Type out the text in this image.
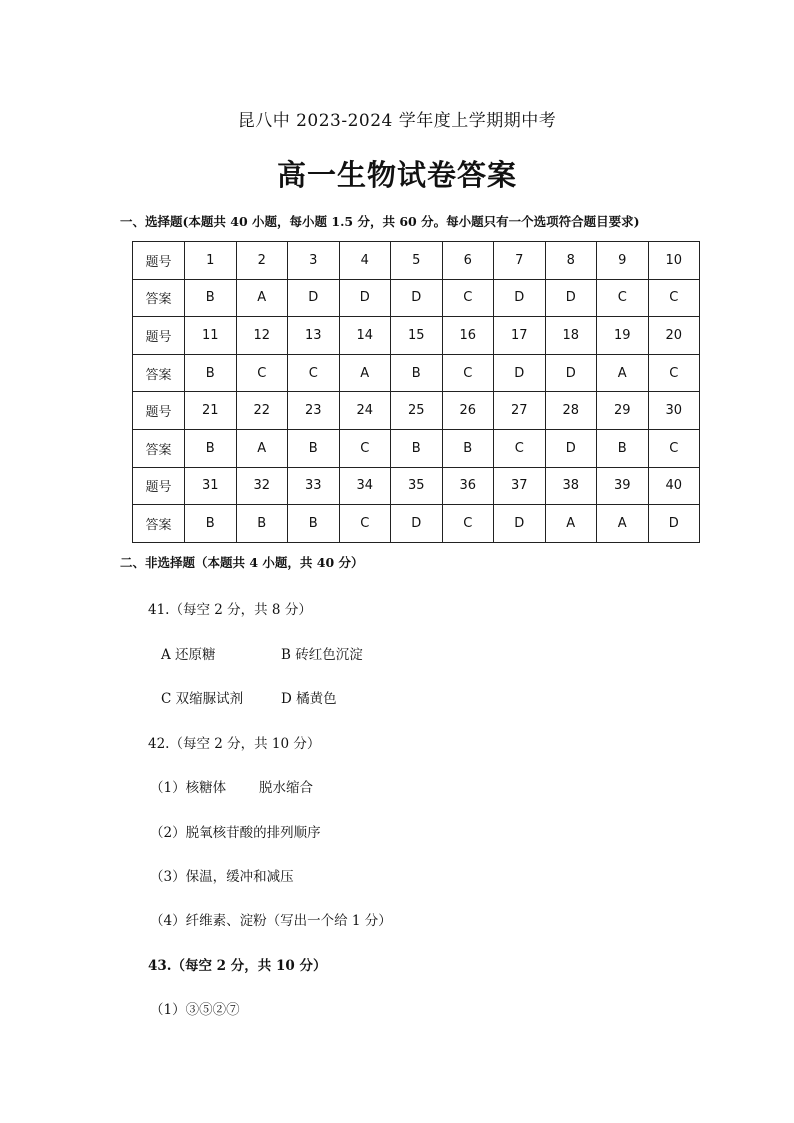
昆八中 2023-2024 学年度上学期期中考
高一生物试卷答案
一、选择题(本题共 40 小题，每小题 1.5 分，共 60 分。每小题只有一个选项符合题目要求)
题号	1	2	3	4	5	6	7	8	9	10
答案	B	A	D	D	D	C	D	D	C	C
题号	11	12	13	14	15	16	17	18	19	20
答案	B	C	C	A	B	C	D	D	A	C
题号	21	22	23	24	25	26	27	28	29	30
答案	B	A	B	C	B	B	C	D	B	C
题号	31	32	33	34	35	36	37	38	39	40
答案	B	B	B	C	D	C	D	A	A	D
二、非选择题（本题共 4 小题，共 40 分）
41.（每空 2 分，共 8 分）
A 还原糖	B 砖红色沉淀
C 双缩脲试剂	D 橘黄色
42.（每空 2 分，共 10 分）
（1）核糖体 脱水缩合
（2）脱氧核苷酸的排列顺序
（3）保温，缓冲和减压
（4）纤维素、淀粉（写出一个给 1 分）
43.（每空 2 分，共 10 分）
（1）③⑤②⑦
